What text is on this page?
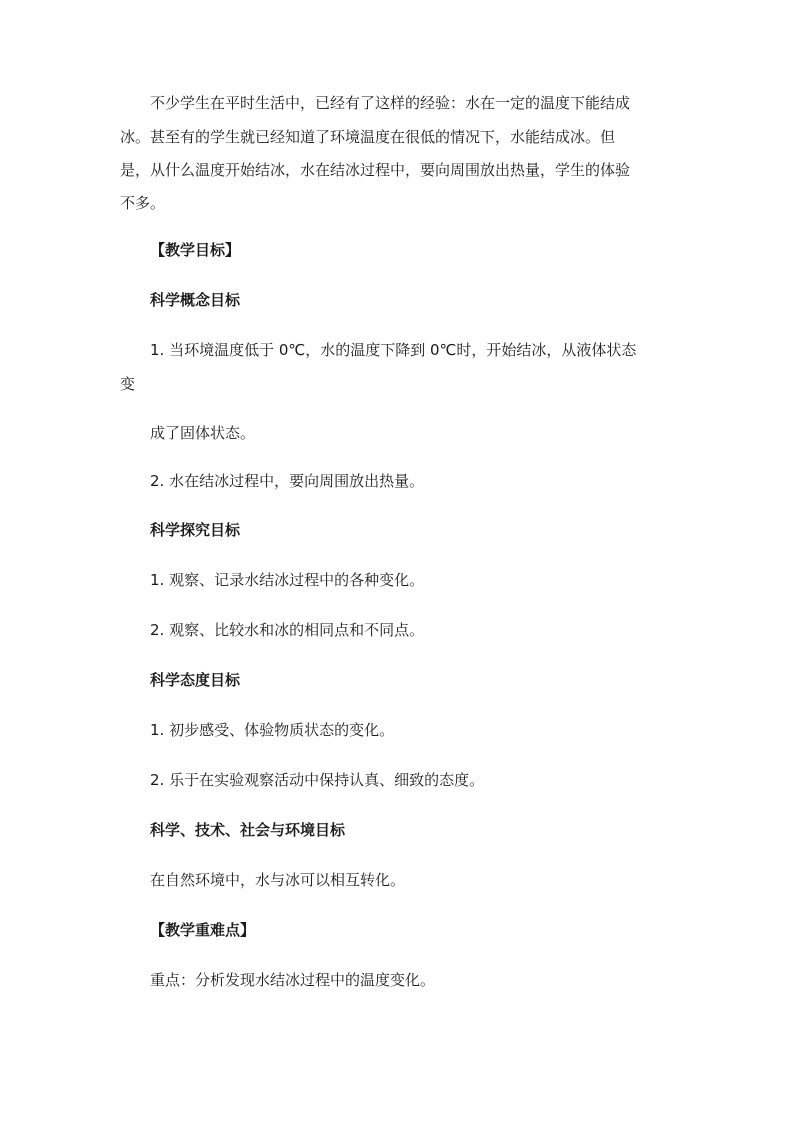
不少学生在平时生活中，已经有了这样的经验：水在一定的温度下能结成
冰。甚至有的学生就已经知道了环境温度在很低的情况下，水能结成冰。但
是，从什么温度开始结冰，水在结冰过程中，要向周围放出热量，学生的体验
不多。
【教学目标】
科学概念目标
1. 当环境温度低于 0℃，水的温度下降到 0℃时，开始结冰，从液体状态
变
成了固体状态。
2. 水在结冰过程中，要向周围放出热量。
科学探究目标
1. 观察、记录水结冰过程中的各种变化。
2. 观察、比较水和冰的相同点和不同点。
科学态度目标
1. 初步感受、体验物质状态的变化。
2. 乐于在实验观察活动中保持认真、细致的态度。
科学、技术、社会与环境目标
在自然环境中，水与冰可以相互转化。
【教学重难点】
重点：分析发现水结冰过程中的温度变化。
